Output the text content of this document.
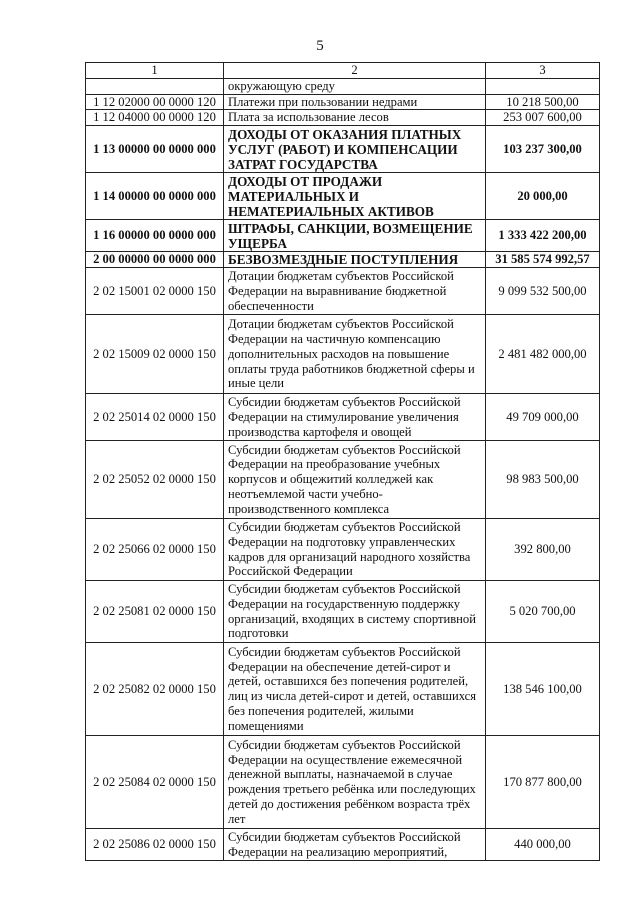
5
1	2	3
	окружающую среду	
1 12 02000 00 0000 120	Платежи при пользовании недрами	10 218 500,00
1 12 04000 00 0000 120	Плата за использование лесов	253 007 600,00
1 13 00000 00 0000 000	ДОХОДЫ ОТ ОКАЗАНИЯ ПЛАТНЫХ УСЛУГ (РАБОТ) И КОМПЕНСАЦИИ ЗАТРАТ ГОСУДАРСТВА	103 237 300,00
1 14 00000 00 0000 000	ДОХОДЫ ОТ ПРОДАЖИ МАТЕРИАЛЬНЫХ И НЕМАТЕРИАЛЬНЫХ АКТИВОВ	20 000,00
1 16 00000 00 0000 000	ШТРАФЫ, САНКЦИИ, ВОЗМЕЩЕНИЕ УЩЕРБА	1 333 422 200,00
2 00 00000 00 0000 000	БЕЗВОЗМЕЗДНЫЕ ПОСТУПЛЕНИЯ	31 585 574 992,57
2 02 15001 02 0000 150	Дотации бюджетам субъектов Российской Федерации на выравнивание бюджетной обеспеченности	9 099 532 500,00
2 02 15009 02 0000 150	Дотации бюджетам субъектов Российской Федерации на частичную компенсацию дополнительных расходов на повышение оплаты труда работников бюджетной сферы и иные цели	2 481 482 000,00
2 02 25014 02 0000 150	Субсидии бюджетам субъектов Российской Федерации на стимулирование увеличения производства картофеля и овощей	49 709 000,00
2 02 25052 02 0000 150	Субсидии бюджетам субъектов Российской Федерации на преобразование учебных корпусов и общежитий колледжей как неотъемлемой части учебно-производственного комплекса	98 983 500,00
2 02 25066 02 0000 150	Субсидии бюджетам субъектов Российской Федерации на подготовку управленческих кадров для организаций народного хозяйства Российской Федерации	392 800,00
2 02 25081 02 0000 150	Субсидии бюджетам субъектов Российской Федерации на государственную поддержку организаций, входящих в систему спортивной подготовки	5 020 700,00
2 02 25082 02 0000 150	Субсидии бюджетам субъектов Российской Федерации на обеспечение детей-сирот и детей, оставшихся без попечения родителей, лиц из числа детей-сирот и детей, оставшихся без попечения родителей, жилыми помещениями	138 546 100,00
2 02 25084 02 0000 150	Субсидии бюджетам субъектов Российской Федерации на осуществление ежемесячной денежной выплаты, назначаемой в случае рождения третьего ребёнка или последующих детей до достижения ребёнком возраста трёх лет	170 877 800,00
2 02 25086 02 0000 150	Субсидии бюджетам субъектов Российской Федерации на реализацию мероприятий,	440 000,00
